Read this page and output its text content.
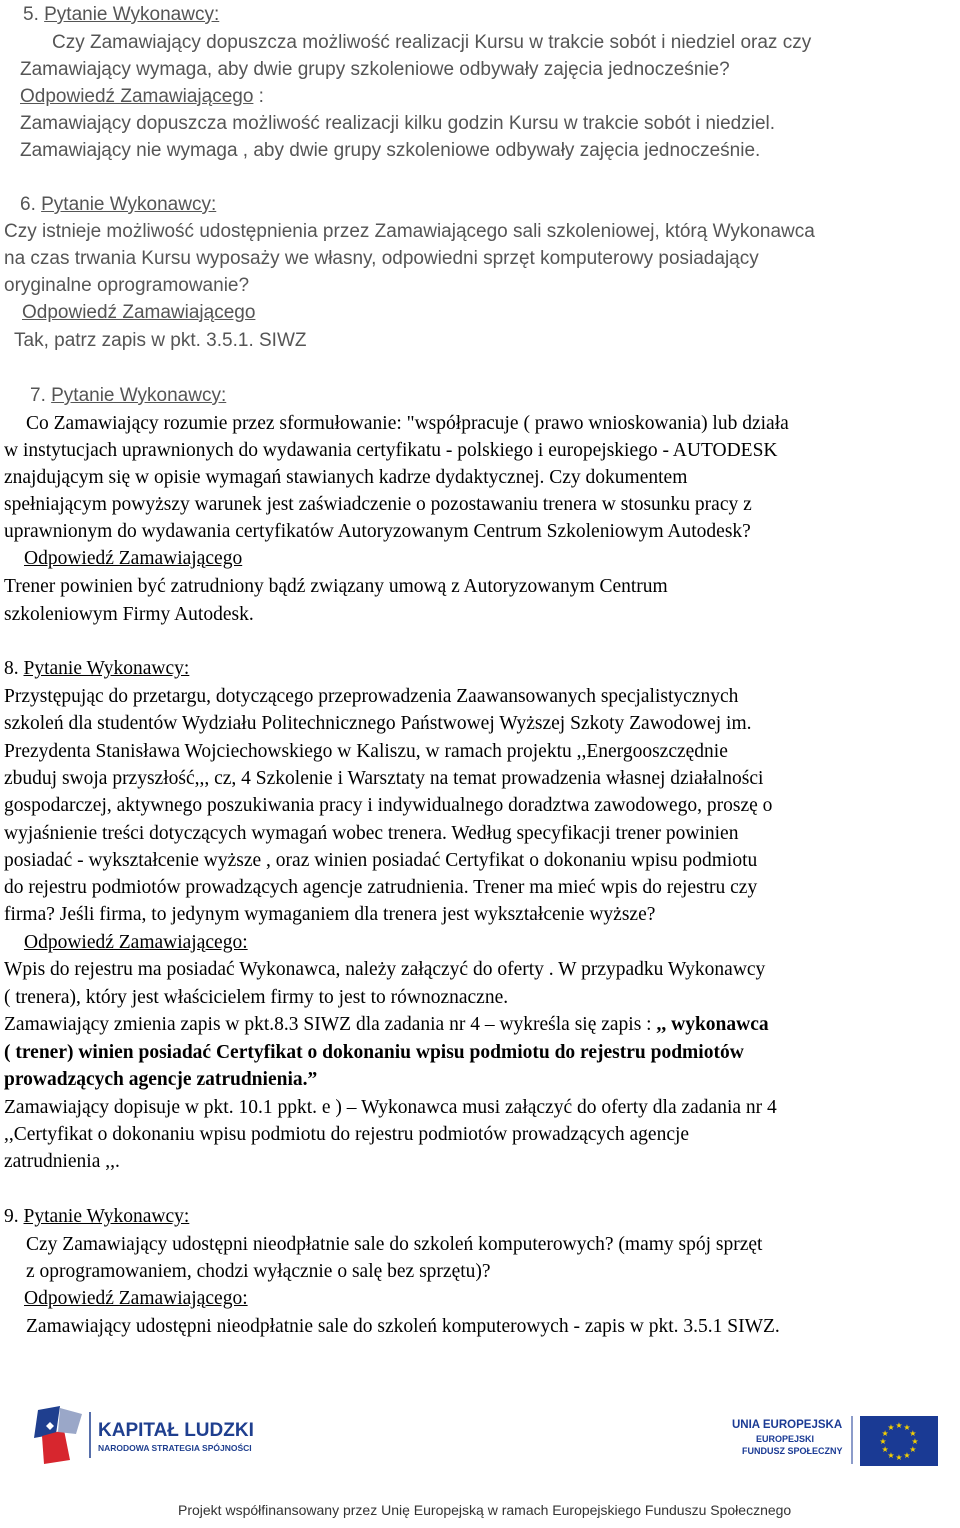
5. Pytanie Wykonawcy:
Czy Zamawiający dopuszcza możliwość realizacji Kursu w trakcie sobót i niedziel oraz czy
Zamawiający wymaga, aby dwie grupy szkoleniowe odbywały zajęcia jednocześnie?
Odpowiedź Zamawiającego :
Zamawiający dopuszcza możliwość realizacji kilku godzin Kursu w trakcie sobót i niedziel.
Zamawiający nie wymaga , aby dwie grupy szkoleniowe odbywały zajęcia jednocześnie.
6. Pytanie Wykonawcy:
Czy istnieje możliwość udostępnienia przez Zamawiającego sali szkoleniowej, którą Wykonawca
na czas trwania Kursu wyposaży we własny, odpowiedni sprzęt komputerowy posiadający
oryginalne oprogramowanie?
Odpowiedź Zamawiającego
Tak, patrz zapis w pkt. 3.5.1. SIWZ
7. Pytanie Wykonawcy:
Co Zamawiający rozumie przez sformułowanie: "współpracuje ( prawo wnioskowania) lub działa
w instytucjach uprawnionych do wydawania certyfikatu - polskiego i europejskiego - AUTODESK
znajdującym się w opisie wymagań stawianych kadrze dydaktycznej. Czy dokumentem
spełniającym powyższy warunek jest zaświadczenie o pozostawaniu trenera w stosunku pracy z
uprawnionym do wydawania certyfikatów Autoryzowanym Centrum Szkoleniowym Autodesk?
Odpowiedź Zamawiającego
Trener powinien być zatrudniony bądź związany umową z Autoryzowanym Centrum
szkoleniowym Firmy Autodesk.
8. Pytanie Wykonawcy:
Przystępując do przetargu, dotyczącego przeprowadzenia Zaawansowanych specjalistycznych
szkoleń dla studentów Wydziału Politechnicznego Państwowej Wyższej Szkoty Zawodowej im.
Prezydenta Stanisława Wojciechowskiego w Kaliszu, w ramach projektu ,,Energooszczędnie
zbuduj swoja przyszłość,,, cz, 4 Szkolenie i Warsztaty na temat prowadzenia własnej działalności
gospodarczej, aktywnego poszukiwania pracy i indywidualnego doradztwa zawodowego, proszę o
wyjaśnienie treści dotyczących wymagań wobec trenera. Według specyfikacji trener powinien
posiadać - wykształcenie wyższe , oraz winien posiadać Certyfikat o dokonaniu wpisu podmiotu
do rejestru podmiotów prowadzących agencje zatrudnienia. Trener ma mieć wpis do rejestru czy
firma? Jeśli firma, to jedynym wymaganiem dla trenera jest wykształcenie wyższe?
Odpowiedź Zamawiającego:
Wpis do rejestru ma posiadać Wykonawca, należy załączyć do oferty . W przypadku Wykonawcy
( trenera), który jest właścicielem firmy to jest to równoznaczne.
Zamawiający zmienia zapis w pkt.8.3 SIWZ dla zadania nr 4 – wykreśla się zapis : ,, wykonawca
( trener) winien posiadać Certyfikat o dokonaniu wpisu podmiotu do rejestru podmiotów
prowadzących agencje zatrudnienia.”
Zamawiający dopisuje w pkt. 10.1 ppkt. e ) – Wykonawca musi załączyć do oferty dla zadania nr 4
,,Certyfikat o dokonaniu wpisu podmiotu do rejestru podmiotów prowadzących agencje
zatrudnienia ,,.
9. Pytanie Wykonawcy:
Czy Zamawiający udostępni nieodpłatnie sale do szkoleń komputerowych? (mamy spój sprzęt
z oprogramowaniem, chodzi wyłącznie o salę bez sprzętu)?
Odpowiedź Zamawiającego:
Zamawiający udostępni nieodpłatnie sale do szkoleń komputerowych - zapis w pkt. 3.5.1 SIWZ.
KAPITAŁ LUDZKI
NARODOWA STRATEGIA SPÓJNOŚCI
UNIA EUROPEJSKA
EUROPEJSKI
FUNDUSZ SPOŁECZNY
★ ★
★
★
★
★
★
★
★
★
★
★
Projekt współfinansowany przez Unię Europejską w ramach Europejskiego Funduszu Społecznego
